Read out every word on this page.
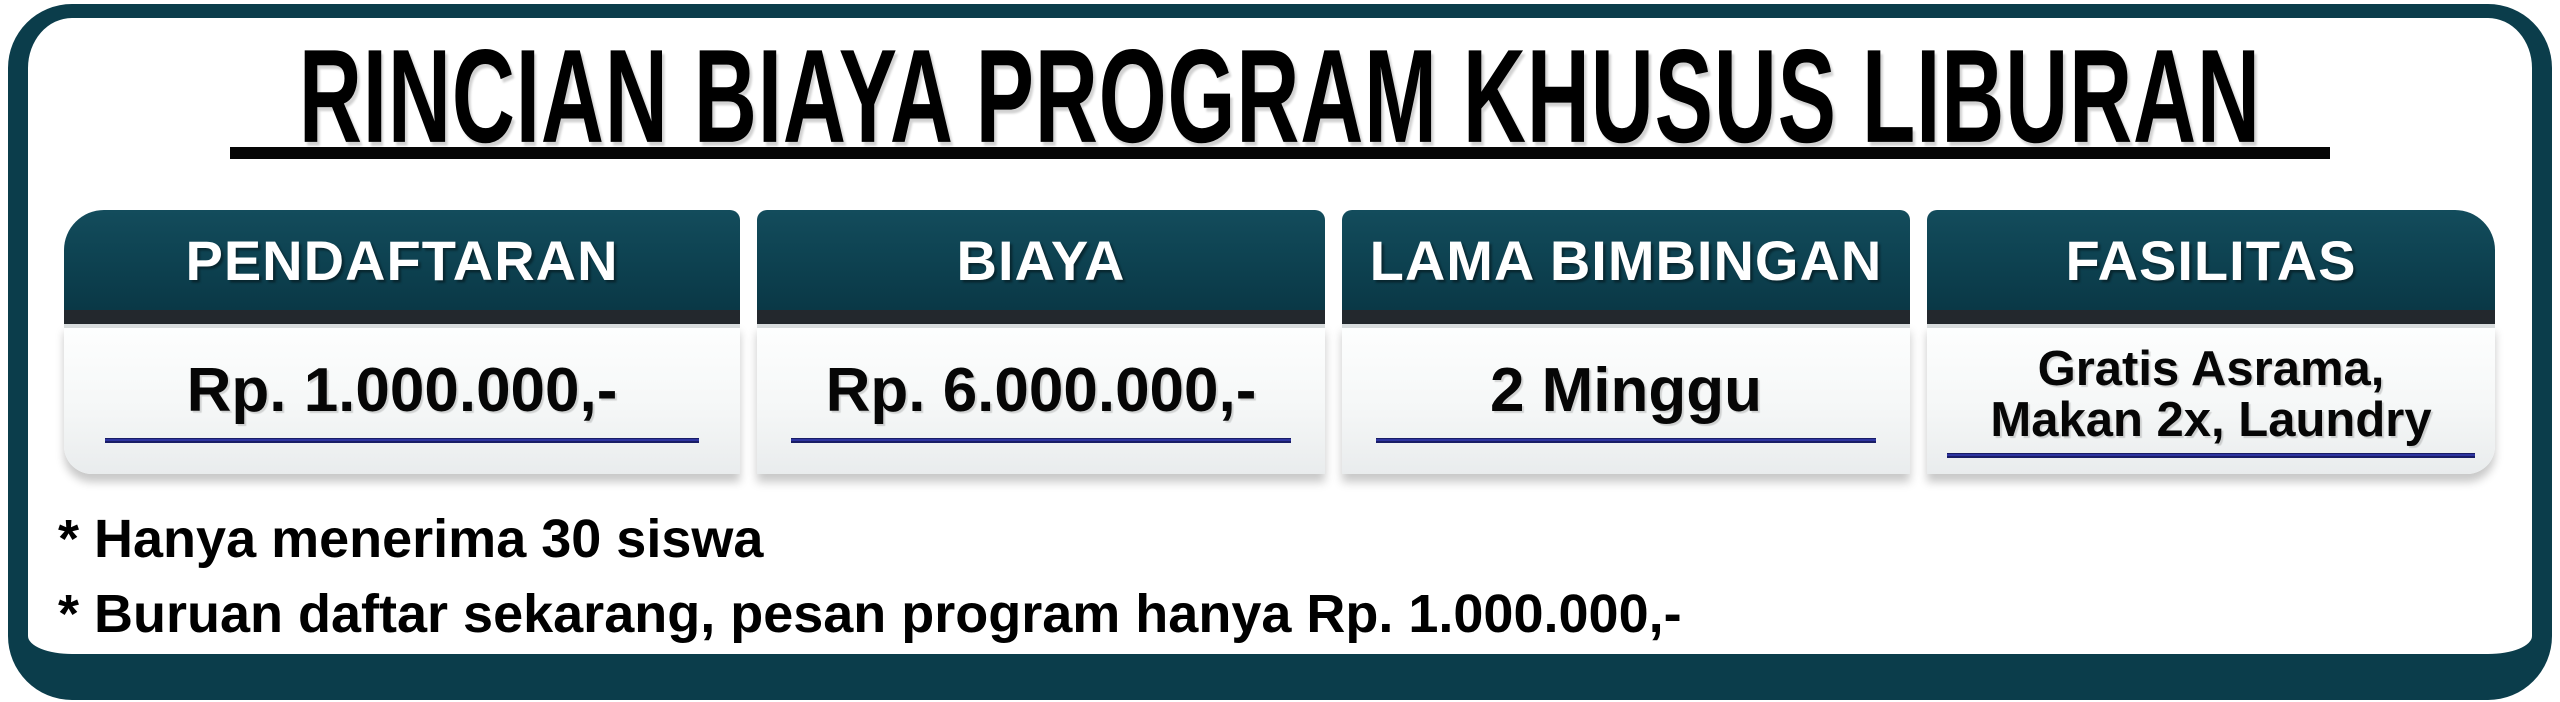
RINCIAN BIAYA PROGRAM KHUSUS LIBURAN
PENDAFTARAN
Rp. 1.000.000,-
BIAYA
Rp. 6.000.000,-
LAMA BIMBINGAN
2 Minggu
FASILITAS
Gratis Asrama,
Makan 2x, Laundry
* Hanya menerima 30 siswa
* Buruan daftar sekarang, pesan program hanya Rp. 1.000.000,-
